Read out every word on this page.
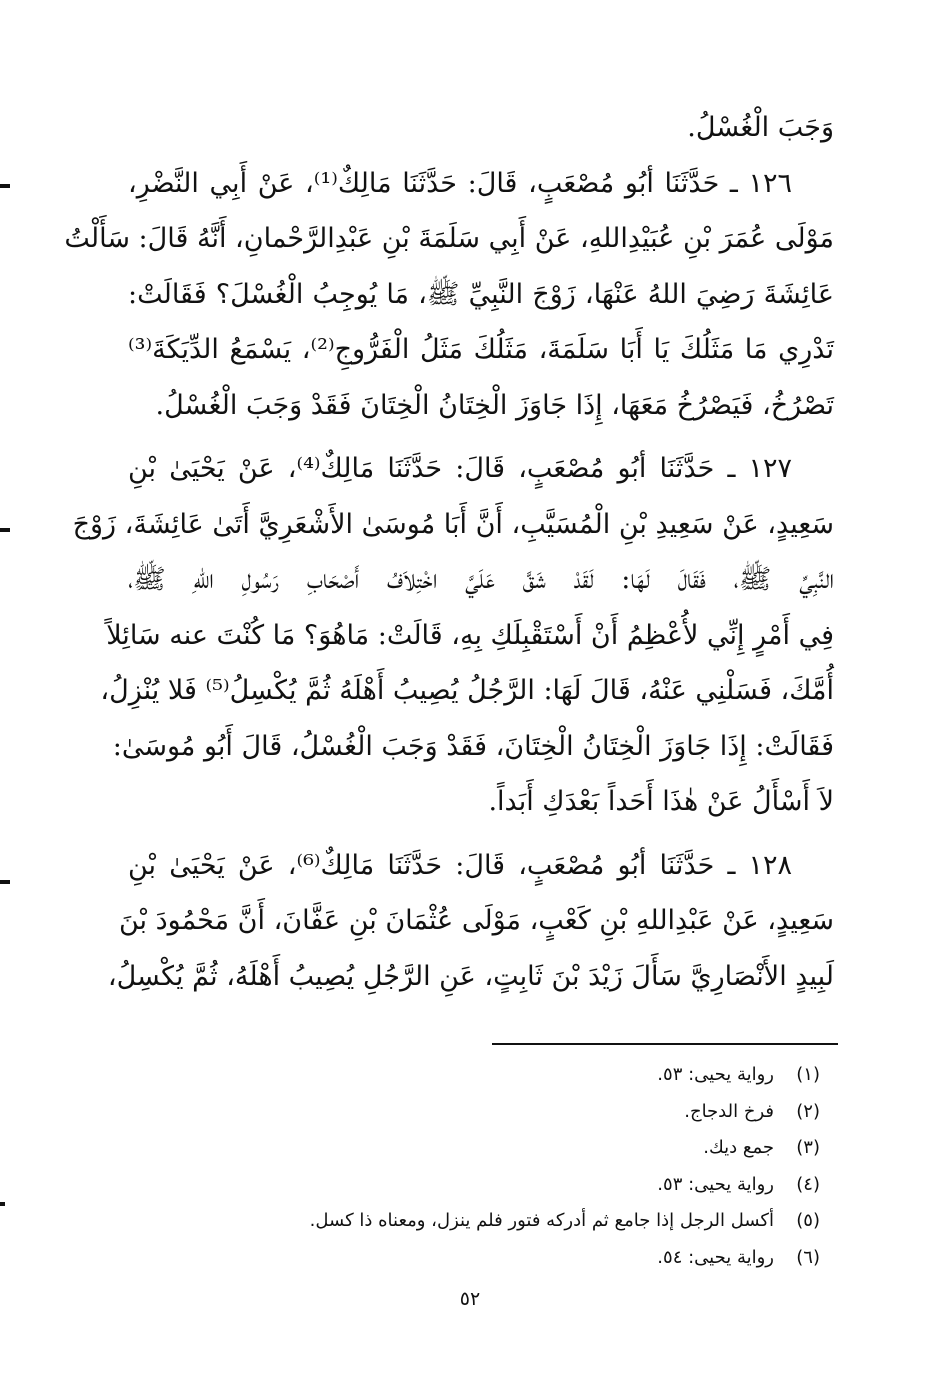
وَجَبَ الْغُسْلُ.
١٢٦ ـ حَدَّثَنَا أبُو مُصْعَبٍ، قَالَ: حَدَّثَنَا مَالِكٌ⁽¹⁾، عَنْ أَبِي النَّضْرِ،
مَوْلَى عُمَرَ بْنِ عُبَيْدِاللهِ، عَنْ أَبِي سَلَمَةَ بْنِ عَبْدِالرَّحْمانِ، أَنَّهُ قَالَ: سَأَلْتُ
عَائِشَةَ رَضِيَ اللهُ عَنْهَا، زَوْجَ النَّبِيِّ ﷺ، مَا يُوجِبُ الْغُسْلَ؟ فَقَالَتْ:
تَدْرِي مَا مَثَلُكَ يَا أَبَا سَلَمَةَ، مَثَلُكَ مَثَلُ الْفَرُّوجِ⁽²⁾، يَسْمَعُ الدِّيَكَةَ⁽³⁾
تَصْرُخُ، فَيَصْرُخُ مَعَهَا، إِذَا جَاوَزَ الْخِتَانُ الْخِتَانَ فَقَدْ وَجَبَ الْغُسْلُ.
١٢٧ ـ حَدَّثَنَا أبُو مُصْعَبٍ، قَالَ: حَدَّثَنَا مَالِكٌ⁽⁴⁾، عَنْ يَحْيَىٰ بْنِ
سَعِيدٍ، عَنْ سَعِيدِ بْنِ الْمُسَيَّبِ، أَنَّ أَبَا مُوسَىٰ الأَشْعَرِيَّ أَتَىٰ عَائِشَةَ، زَوْجَ
النَّبِيِّ ﷺ، فَقَالَ لَهَا: لَقَدْ شَقَّ عَلَيَّ اخْتِلاَفُ أَصْحَابِ رَسُولِ اللهِ ﷺ،
فِي أَمْرٍ إِنِّي لأُعْظِمُ أَنْ أَسْتَقْبِلَكِ بِهِ، قَالَتْ: مَاهُوَ؟ مَا كُنْتَ عنه سَائِلاً
أُمَّكَ، فَسَلْنِي عَنْهُ، قَالَ لَهَا: الرَّجُلُ يُصِيبُ أَهْلَهُ ثُمَّ يُكْسِلُ⁽⁵⁾ فَلا يُنْزِلُ،
فَقَالَتْ: إِذَا جَاوَزَ الْخِتَانُ الْخِتَانَ، فَقَدْ وَجَبَ الْغُسْلُ، قَالَ أَبُو مُوسَىٰ:
لاَ أَسْأَلُ عَنْ هٰذَا أَحَداً بَعْدَكِ أَبَداً.
١٢٨ ـ حَدَّثَنَا أبُو مُصْعَبٍ، قَالَ: حَدَّثَنَا مَالِكٌ⁽⁶⁾، عَنْ يَحْيَىٰ بْنِ
سَعِيدٍ، عَنْ عَبْدِاللهِ بْنِ كَعْبٍ، مَوْلَى عُثْمَانَ بْنِ عَفَّانَ، أَنَّ مَحْمُودَ بْنَ
لَبِيدٍ الأَنْصَارِيَّ سَأَلَ زَيْدَ بْنَ ثَابِتٍ، عَنِ الرَّجُلِ يُصِيبُ أَهْلَهُ، ثُمَّ يُكْسِلُ،
(١)رواية يحيى: ٥٣.
(٢)فرخ الدجاج.
(٣)جمع ديك.
(٤)رواية يحيى: ٥٣.
(٥)أكسل الرجل إذا جامع ثم أدركه فتور فلم ينزل، ومعناه ذا كسل.
(٦)رواية يحيى: ٥٤.
٥٢
